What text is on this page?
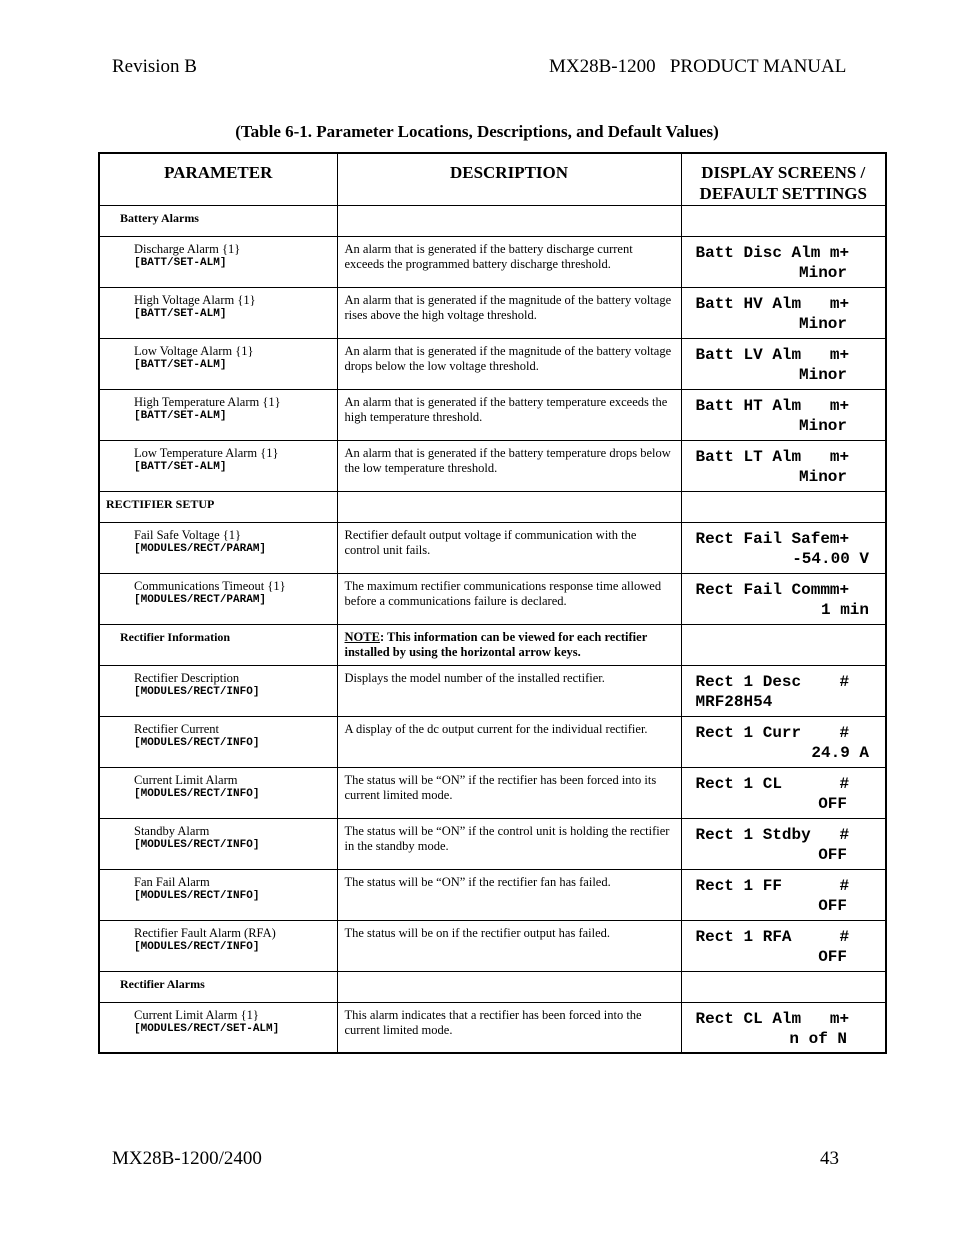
Revision B	MX28B-1200   PRODUCT MANUAL
(Table 6-1. Parameter Locations, Descriptions, and Default Values)
PARAMETER	DESCRIPTION	DISPLAY SCREENS /
DEFAULT SETTINGS

Battery Alarms		

Discharge Alarm {1}
[BATT/SET-ALM]	An alarm that is generated if the battery discharge current exceeds the programmed battery discharge threshold.	Batt Disc Alm m+
Minor

High Voltage Alarm {1}
[BATT/SET-ALM]	An alarm that is generated if the magnitude of the battery voltage rises above the high voltage threshold.	Batt HV Alm   m+
Minor

Low Voltage Alarm {1}
[BATT/SET-ALM]	An alarm that is generated if the magnitude of the battery voltage drops below the low voltage threshold.	Batt LV Alm   m+
Minor

High Temperature Alarm {1}
[BATT/SET-ALM]	An alarm that is generated if the battery temperature exceeds the high temperature threshold.	Batt HT Alm   m+
Minor

Low Temperature Alarm {1}
[BATT/SET-ALM]	An alarm that is generated if the battery temperature drops below the low temperature threshold.	Batt LT Alm   m+
Minor

RECTIFIER SETUP		

Fail Safe Voltage {1}
[MODULES/RECT/PARAM]	Rectifier default output voltage if communication with the control unit fails.	Rect Fail Safem+
-54.00 V

Communications Timeout {1}
[MODULES/RECT/PARAM]	The maximum rectifier communications response time allowed before a communications failure is declared.	Rect Fail Commm+
1 min

Rectifier Information	NOTE: This information can be viewed for each rectifier installed by using the horizontal arrow keys.	

Rectifier Description
[MODULES/RECT/INFO]	Displays the model number of the installed rectifier.	Rect 1 Desc    #
MRF28H54

Rectifier Current
[MODULES/RECT/INFO]	A display of the dc output current for the individual rectifier.	Rect 1 Curr    #
24.9 A

Current Limit Alarm
[MODULES/RECT/INFO]	The status will be “ON” if the rectifier has been forced into its current limited mode.	Rect 1 CL      #
OFF

Standby Alarm
[MODULES/RECT/INFO]	The status will be “ON” if the control unit is holding the rectifier in the standby mode.	Rect 1 Stdby   #
OFF

Fan Fail Alarm
[MODULES/RECT/INFO]	The status will be “ON” if the rectifier fan has failed.	Rect 1 FF      #
OFF

Rectifier Fault Alarm (RFA)
[MODULES/RECT/INFO]	The status will be on if the rectifier output has failed.	Rect 1 RFA     #
OFF

Rectifier Alarms		

Current Limit Alarm {1}
[MODULES/RECT/SET-ALM]	This alarm indicates that a rectifier has been forced into the current limited mode.	Rect CL Alm   m+
n of N
MX28B-1200/2400	43
